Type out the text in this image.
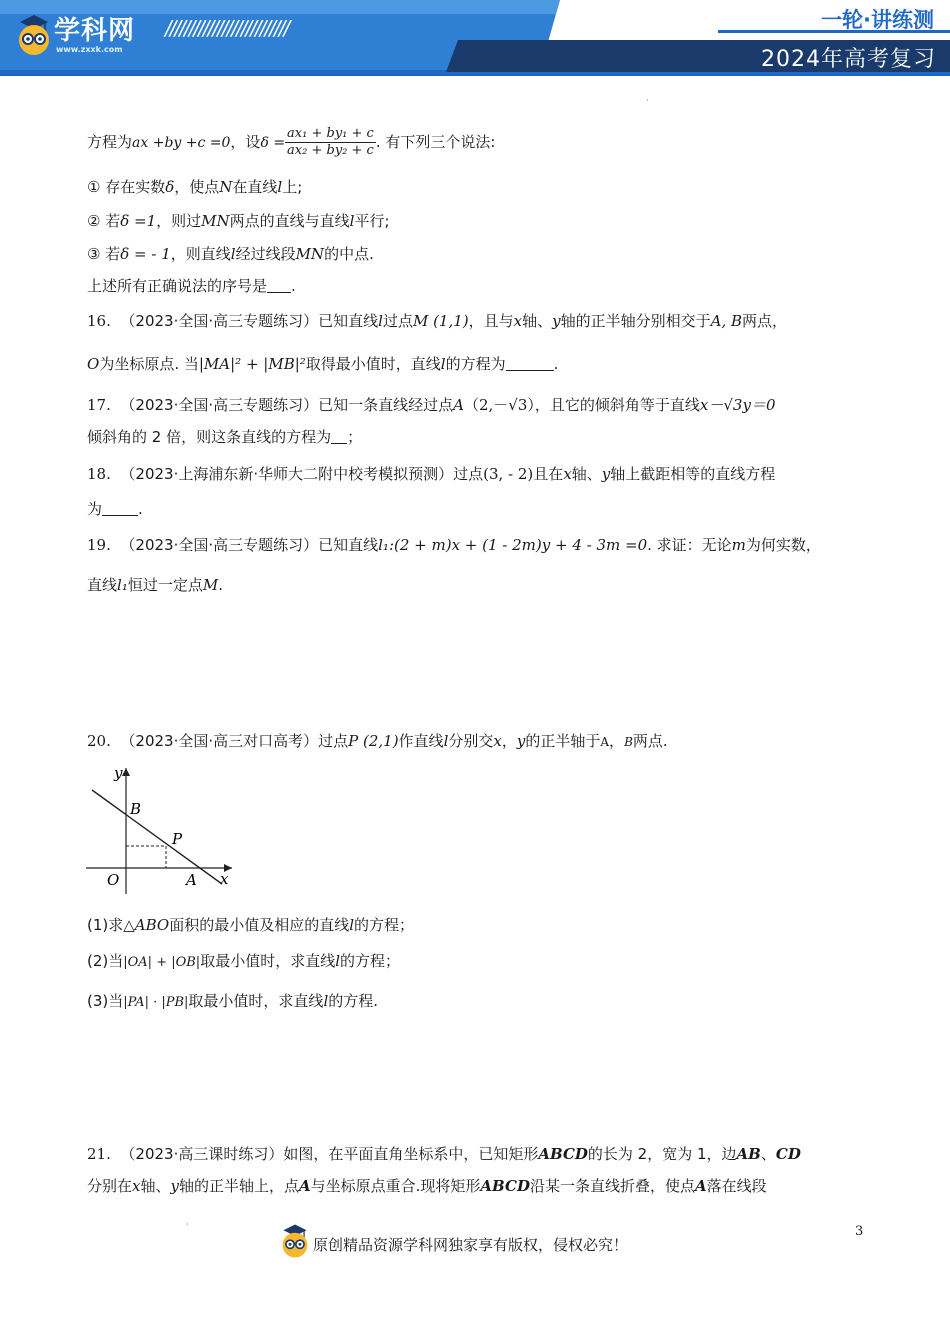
学科网
www.zxxk.com
//////////////////////////	一轮·讲练测
2024年高考复习
·
方程为ax +by +c =0，设$\delta = \frac{\text{ax₁ + by₁ + c}}{\text{ax₂ + by₂ + c}}$ . 有下列三个说法:
① 存在实数δ，使点N在直线l上;
② 若δ =1，则过MN两点的直线与直线l平行;
③ 若δ = - 1，则直线l经过线段MN的中点.
上述所有正确说法的序号是 .
16. （2023·全国·高三专题练习）已知直线l过点M (1,1)，且与x轴、y轴的正半轴分别相交于A, B两点，
O为坐标原点. 当|MA|² + |MB|²取得最小值时，直线l的方程为	.
17. （2023·全国·高三专题练习）已知一条直线经过点A（2,－√3），且它的倾斜角等于直线x－√3y＝0
倾斜角的 2 倍，则这条直线的方程为 ；
18. （2023·上海浦东新·华师大二附中校考模拟预测）过点(3, - 2)且在x轴、y轴上截距相等的直线方程
为 .
19. （2023·全国·高三专题练习）已知直线l₁:(2 + m)x + (1 - 2m)y + 4 - 3m =0. 求证：无论m为何实数，
直线l₁恒过一定点M.
20. （2023·全国·高三对口高考）过点P (2,1)作直线l分别交x，y的正半轴于A，B两点.
y
B
P
O	A x
(1)求△ABO面积的最小值及相应的直线l的方程；
(2)当|OA| + |OB|取最小值时，求直线l的方程；
(3)当|PA| · |PB|取最小值时，求直线l的方程.
21. （2023·高三课时练习）如图，在平面直角坐标系中，已知矩形ABCD的长为 2，宽为 1，边AB、CD
分别在x轴、y轴的正半轴上，点A与坐标原点重合.现将矩形ABCD沿某一条直线折叠，使点A落在线段
·
原创精品资源学科网独家享有版权，侵权必究！
3
